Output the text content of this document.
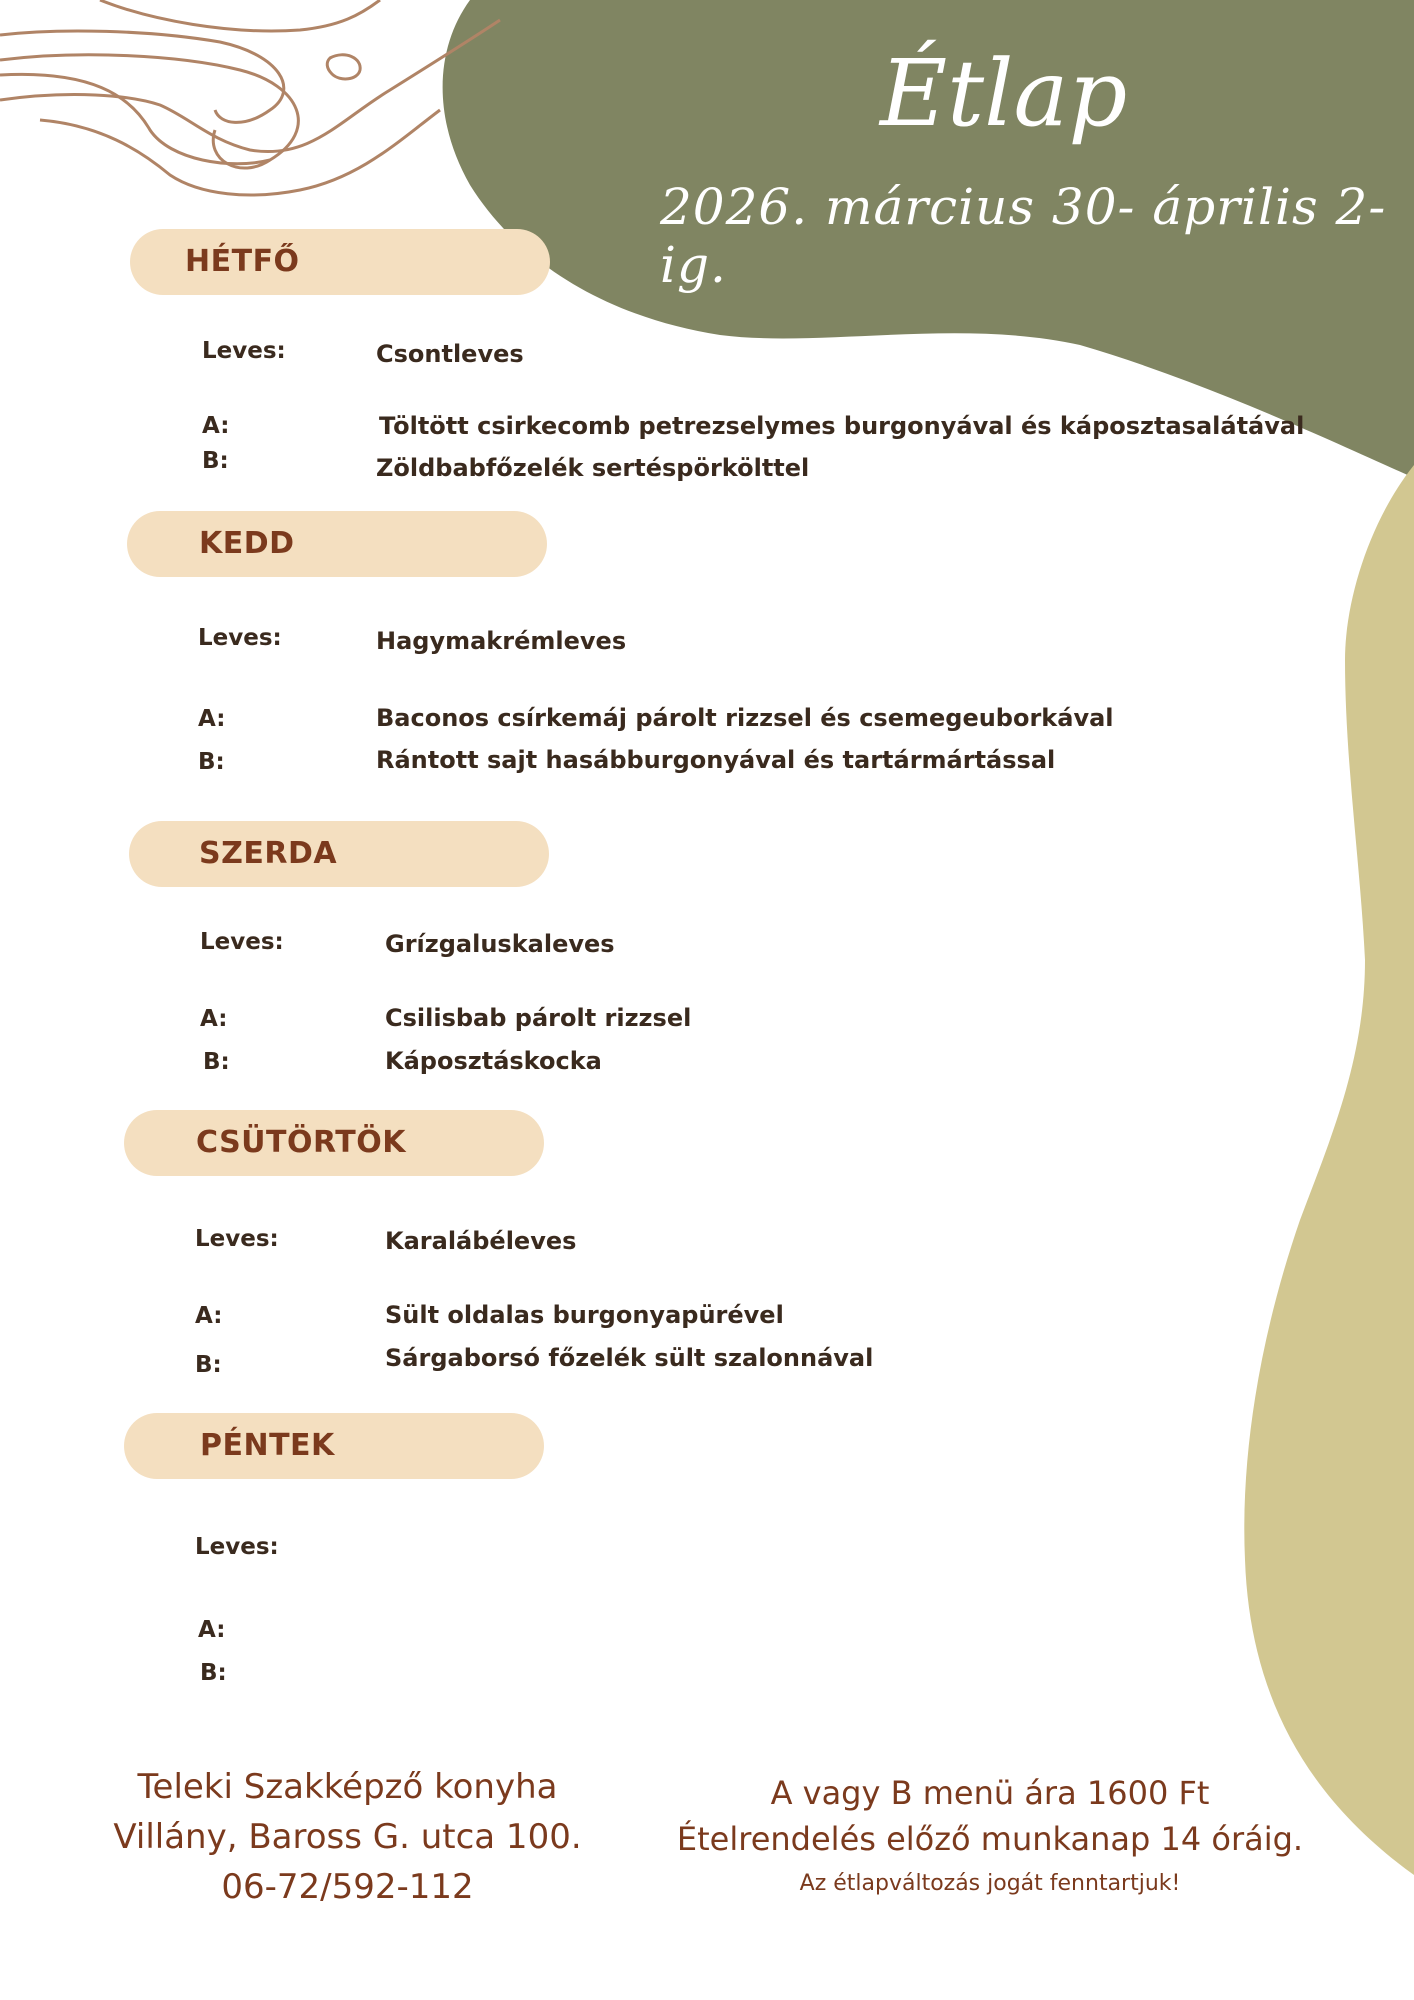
Étlap
2026. március 30- április 2-ig.
HÉTFŐ
Leves:	Csontleves
A:	Töltött csirkecomb petrezselymes burgonyával és káposztasalátával
B:	Zöldbabfőzelék sertéspörkölttel
KEDD
Leves:	Hagymakrémleves
A:	Baconos csírkemáj párolt rizzsel és csemegeuborkával
B:	Rántott sajt hasábburgonyával és tartármártással
SZERDA
Leves:	Grízgaluskaleves
A:	Csilisbab párolt rizzsel
B:	Káposztáskocka
CSÜTÖRTÖK
Leves:	Karalábéleves
A:	Sült oldalas burgonyapürével
B:	Sárgaborsó főzelék sült szalonnával
PÉNTEK
Leves:
A:
B:
Teleki Szakképző konyha
Villány, Baross G. utca 100.
06-72/592-112
A vagy B menü ára 1600 Ft
Ételrendelés előző munkanap 14 óráig.
Az étlapváltozás jogát fenntartjuk!
